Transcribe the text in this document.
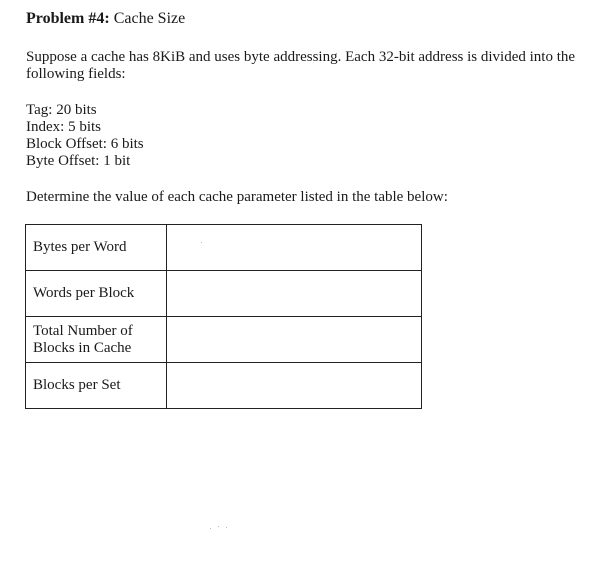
Problem #4: Cache Size
Suppose a cache has 8KiB and uses byte addressing. Each 32-bit address is divided into the following fields:
Tag: 20 bits
Index: 5 bits
Block Offset: 6 bits
Byte Offset: 1 bit
Determine the value of each cache parameter listed in the table below:
Bytes per Word	
Words per Block	
Total Number of
Blocks in Cache	
Blocks per Set	
